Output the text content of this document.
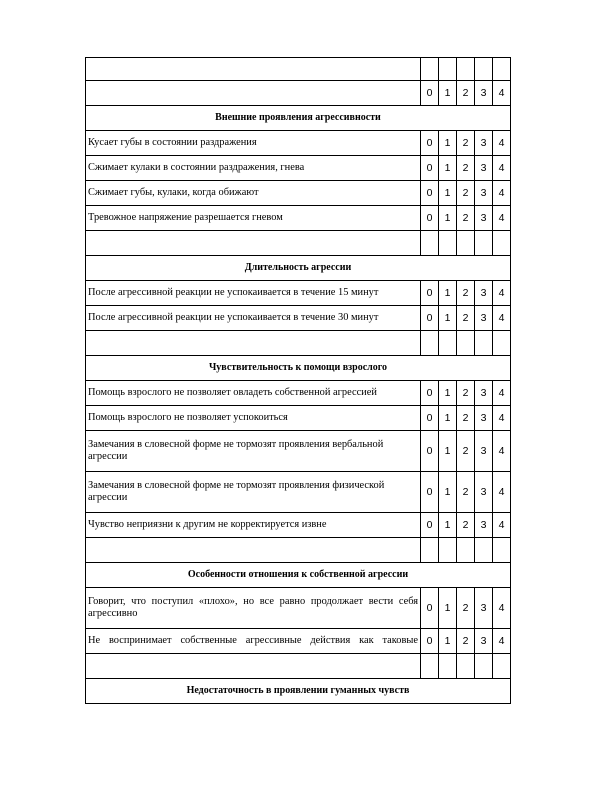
	0	1	2	3	4
Внешние проявления агрессивности					
Кусает губы в состоянии раздражения	0	1	2	3	4
Сжимает кулаки в состоянии раздражения, гнева	0	1	2	3	4
Сжимает губы, кулаки, когда обижают	0	1	2	3	4
Тревожное напряжение разрешается гневом	0	1	2	3	4

Длительность агрессии					
После агрессивной реакции не успокаивается в течение 15 минут	0	1	2	3	4
После агрессивной реакции не успокаивается в течение 30 минут	0	1	2	3	4

Чувствительность к помощи взрослого					
Помощь взрослого не позволяет овладеть собственной агрессией	0	1	2	3	4
Помощь взрослого не позволяет успокоиться	0	1	2	3	4
Замечания в словесной форме не тормозят проявления вербальной агрессии	0	1	2	3	4
Замечания в словесной форме не тормозят проявления физической агрессии	0	1	2	3	4
Чувство неприязни к другим не корректируется извне	0	1	2	3	4

Особенности отношения к собственной агрессии					
Говорит, что поступил «плохо», но все равно продолжает вести себя агрессивно	0	1	2	3	4
Не воспринимает собственные агрессивные действия как таковые	0	1	2	3	4

Недостаточность в проявлении гуманных чувств					
